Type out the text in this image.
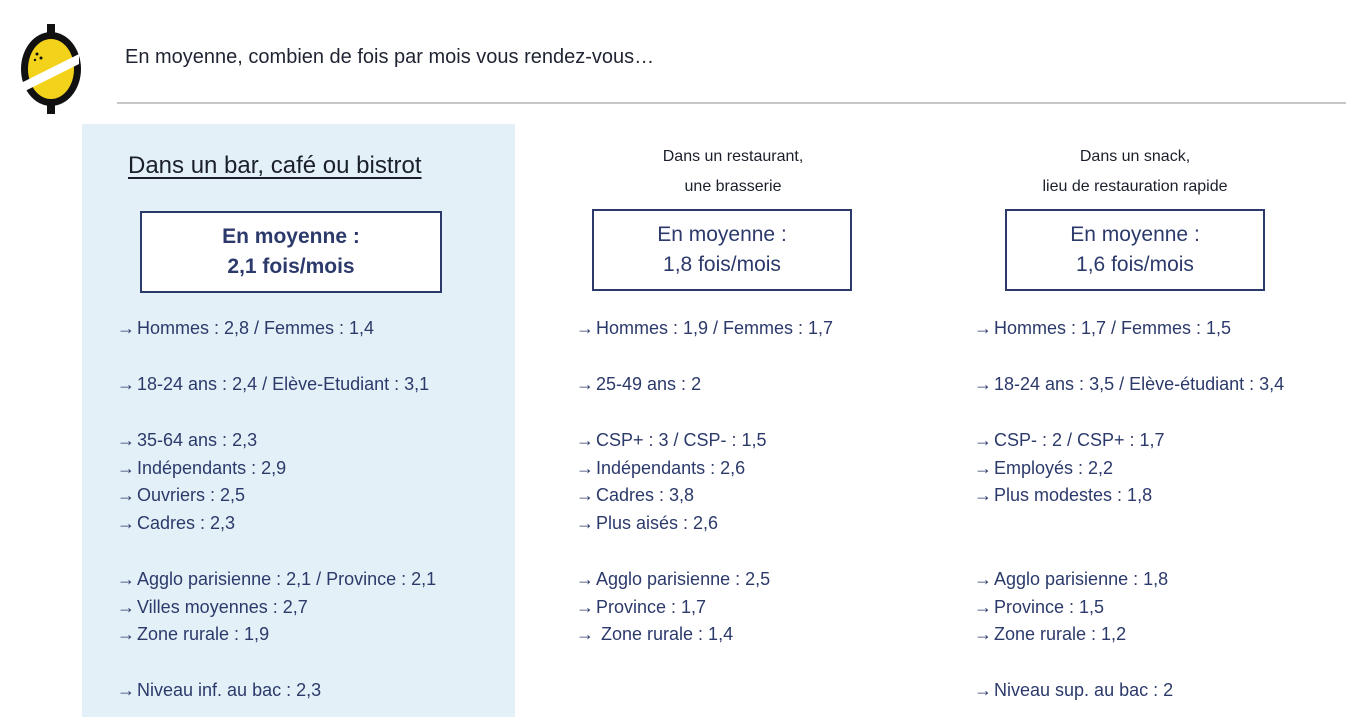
En moyenne, combien de fois par mois vous rendez-vous…
Dans un bar, café ou bistrot
En moyenne :
2,1 fois/mois
→ Hommes : 2,8 / Femmes : 1,4
→ 18-24 ans : 2,4 / Elève-Etudiant : 3,1
→ 35-64 ans : 2,3
→ Indépendants : 2,9
→ Ouvriers : 2,5
→ Cadres : 2,3
→ Agglo parisienne : 2,1 / Province : 2,1
→ Villes moyennes : 2,7
→ Zone rurale : 1,9
→ Niveau inf. au bac : 2,3
Dans un restaurant,
une brasserie
En moyenne :
1,8 fois/mois
→ Hommes : 1,9 / Femmes : 1,7
→ 25-49 ans : 2
→ CSP+ : 3 / CSP- : 1,5
→ Indépendants : 2,6
→ Cadres : 3,8
→ Plus aisés : 2,6
→ Agglo parisienne : 2,5
→ Province : 1,7
→ Zone rurale : 1,4
Dans un snack,
lieu de restauration rapide
En moyenne :
1,6 fois/mois
→ Hommes : 1,7 / Femmes : 1,5
→ 18-24 ans : 3,5 / Elève-étudiant : 3,4
→ CSP- : 2 / CSP+ : 1,7
→ Employés : 2,2
→ Plus modestes : 1,8
→ Agglo parisienne : 1,8
→ Province : 1,5
→ Zone rurale : 1,2
→ Niveau sup. au bac : 2
